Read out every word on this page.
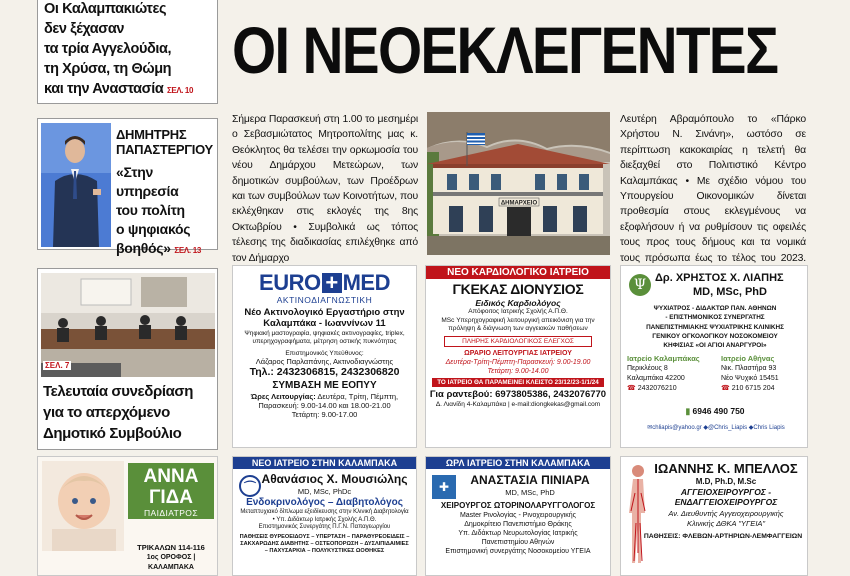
Οι Καλαμπακιώτες
δεν ξέχασαν
τα τρία Αγγελούδια,
τη Χρύσα, τη Θώμη
και την Αναστασία ΣΕΛ. 10
ΟΙ ΝΕΟΕΚΛΕΓΕΝΤΕΣ
ΔΗΜΗΤΡΗΣ
ΠΑΠΑΣΤΕΡΓΙΟΥ
«Στην υπηρεσία
του πολίτη
ο ψηφιακός
βοηθός» ΣΕΛ. 13
Σήμερα Παρασκευή στη 1.00 το μεσημέρι ο Σεβασμιώτατος Μητροπολίτης μας κ. Θεόκλητος θα τελέσει την ορκωμοσία του νέου Δημάρχου Μετεώρων, των δημοτικών συμβούλων, των Προέδρων και των συμβούλων των Κοινοτήτων, που εκλέχθηκαν στις εκλογές της 8ης Οκτωβρίου • Συμβολικά ως τόπος τέλεσης της διαδικασίας επιλέχθηκε από τον Δήμαρχο
ΔΗΜΑΡΧΕΙΟ
Λευτέρη Αβραμόπουλο το «Πάρκο Χρήστου Ν. Σινάνη», ωστόσο σε περίπτωση κακοκαιρίας η τελετή θα διεξαχθεί στο Πολιτιστικό Κέντρο Καλαμπάκας • Με σχέδιο νόμου του Υπουργείου Οικονομικών δίνεται προθεσμία στους εκλεγμένους να εξοφλήσουν ή να ρυθμίσουν τις οφειλές τους προς τους δήμους και τα νομικά τους πρόσωπα έως το τέλος του 2023.
ΣΕΛ. 7
Τελευταία συνεδρίαση
για το απερχόμενο
Δημοτικό Συμβούλιο
EURO + MED
ΑΚΤΙΝΟΔΙΑΓΝΩΣΤΙΚΗ
Νέο Ακτινολογικό Εργαστήριο στην Καλαμπάκα - Ιωαννίνων 11
Ψηφιακή μαστογραφία, ψηφιακές ακτινογραφίες, triplex, υπερηχογραφήματα, μέτρηση οστικής πυκνότητας
Επιστημονικός Υπεύθυνος:
Λάζαρος Παρλαπάνης, Ακτινοδιαγνώστης
Τηλ.: 2432306815, 2432306820
ΣΥΜΒΑΣΗ ΜΕ ΕΟΠΥΥ
Ώρες Λειτουργίας: Δευτέρα, Τρίτη, Πέμπτη, Παρασκευή: 9.00-14.00 και 18.00-21.00
Τετάρτη: 9.00-17.00
ΝΕΟ ΚΑΡΔΙΟΛΟΓΙΚΟ ΙΑΤΡΕΙΟ
ΓΚΕΚΑΣ ΔΙΟΝΥΣΙΟΣ
Ειδικός Καρδιολόγος
Απόφοιτος Ιατρικής Σχολής Α.Π.Θ.
MSc Υπερηχογραφική λειτουργική απεικόνιση για την πρόληψη & διάγνωση των αγγειακών παθήσεων
ΠΛΗΡΗΣ ΚΑΡΔΙΟΛΟΓΙΚΟΣ ΕΛΕΓΧΟΣ
ΩΡΑΡΙΟ ΛΕΙΤΟΥΡΓΙΑΣ ΙΑΤΡΕΙΟΥ
Δευτέρα-Τρίτη-Πέμπτη-Παρασκευή: 9.00-19.00
Τετάρτη: 9.00-14.00
ΤΟ ΙΑΤΡΕΙΟ ΘΑ ΠΑΡΑΜΕΙΝΕΙ ΚΛΕΙΣΤΟ 23/12/23-1/1/24
Για ραντεβού: 6973805386, 2432076770
Δ. Λιανίδη 4-Καλαμπάκα | e-mail:diongkekas@gmail.com
Ψ Δρ. ΧΡΗΣΤΟΣ Χ. ΛΙΑΠΗΣ
MD, MSc, PhD
ΨΥΧΙΑΤΡΟΣ - ΔΙΔΑΚΤΩΡ ΠΑΝ. ΑΘΗΝΩΝ
- ΕΠΙΣΤΗΜΟΝΙΚΟΣ ΣΥΝΕΡΓΑΤΗΣ
ΠΑΝΕΠΙΣΤΗΜΙΑΚΗΣ ΨΥΧΙΑΤΡΙΚΗΣ ΚΛΙΝΙΚΗΣ
ΓΕΝΙΚΟΥ ΟΓΚΟΛΟΓΙΚΟΥ ΝΟΣΟΚΟΜΕΙΟΥ
ΚΗΦΙΣΙΑΣ «ΟΙ ΑΓΙΟΙ ΑΝΑΡΓΥΡΟΙ»
Ιατρείο Καλαμπάκας
Περικλέους 8
Καλαμπάκα 42200
☎ 2432076210
Ιατρείο Αθήνας
Νικ. Πλαστήρα 93
Νέο Ψυχικό 15451
☎ 210 6715 204
▮ 6946 490 750
✉chliapis@yahoo.gr ◆@Chris_Liapis ◆Chris Liapis
ΑΝΝΑ
ΓΙΔΑ
ΠΑΙΔΙΑΤΡΟΣ
ΤΡΙΚΑΛΩΝ 114-116
1ος ΟΡΟΦΟΣ | ΚΑΛΑΜΠΑΚΑ
ΝΕΟ ΙΑΤΡΕΙΟ ΣΤΗΝ ΚΑΛΑΜΠΑΚΑ
⌒
Αθανάσιος Χ. Μουσιώλης
MD, MSc, PhDc
Ενδοκρινολόγος – Διαβητολόγος
Μεταπτυχιακό δίπλωμα εξειδίκευσης στην Κλινική Διαβητολογία • Υπ. Διδάκτωρ Ιατρικής Σχολής Α.Π.Θ.
Επιστημονικός Συνεργάτης Π.Γ.Ν. Παπαγεωργίου
ΠΑΘΗΣΕΙΣ ΘΥΡΕΟΕΙΔΟΥΣ – ΥΠΕΡΤΑΣΗ – ΠΑΡΑΘΥΡΕΟΕΙΔΕΙΣ – ΣΑΚΧΑΡΩΔΗΣ ΔΙΑΒΗΤΗΣ – ΟΣΤΕΟΠΟΡΩΣΗ – ΔΥΣΛΙΠΙΔΑΙΜΙΕΣ – ΠΑΧΥΣΑΡΚΙΑ – ΠΟΛΥΚΥΣΤΙΚΕΣ ΩΟΘΗΚΕΣ
ΩΡΛ ΙΑΤΡΕΙΟ ΣΤΗΝ ΚΑΛΑΜΠΑΚΑ
✚	ΑΝΑΣΤΑΣΙΑ ΠΙΝΙΑΡΑ
MD, MSc, PhD
ΧΕΙΡΟΥΡΓΟΣ ΩΤΟΡΙΝΟΛΑΡΥΓΓΟΛΟΓΟΣ
Master Ρινολογίας - Ρινοχειρουργικής
Δημοκρίτειο Πανεπιστήμιο Θράκης
Υπ. Διδάκτωρ Νευρωτολογίας Ιατρικής
Πανεπιστημίου Αθηνών
Επιστημονική συνεργάτης Νοσοκομείου ΥΓΕΙΑ
ΙΩΑΝΝΗΣ Κ. ΜΠΕΛΛΟΣ
M.D, Ph.D, M.Sc
ΑΓΓΕΙΟΧΕΙΡΟΥΡΓΟΣ -
ΕΝΔΑΓΓΕΙΟΧΕΙΡΟΥΡΓΟΣ
Αν. Διευθυντής Αγγειοχειρουργικής
Κλινικής ΔΘΚΑ "ΥΓΕΙΑ"
ΠΑΘΗΣΕΙΣ: ΦΛΕΒΩΝ-ΑΡΤΗΡΙΩΝ-ΛΕΜΦΑΓΓΕΙΩΝ
